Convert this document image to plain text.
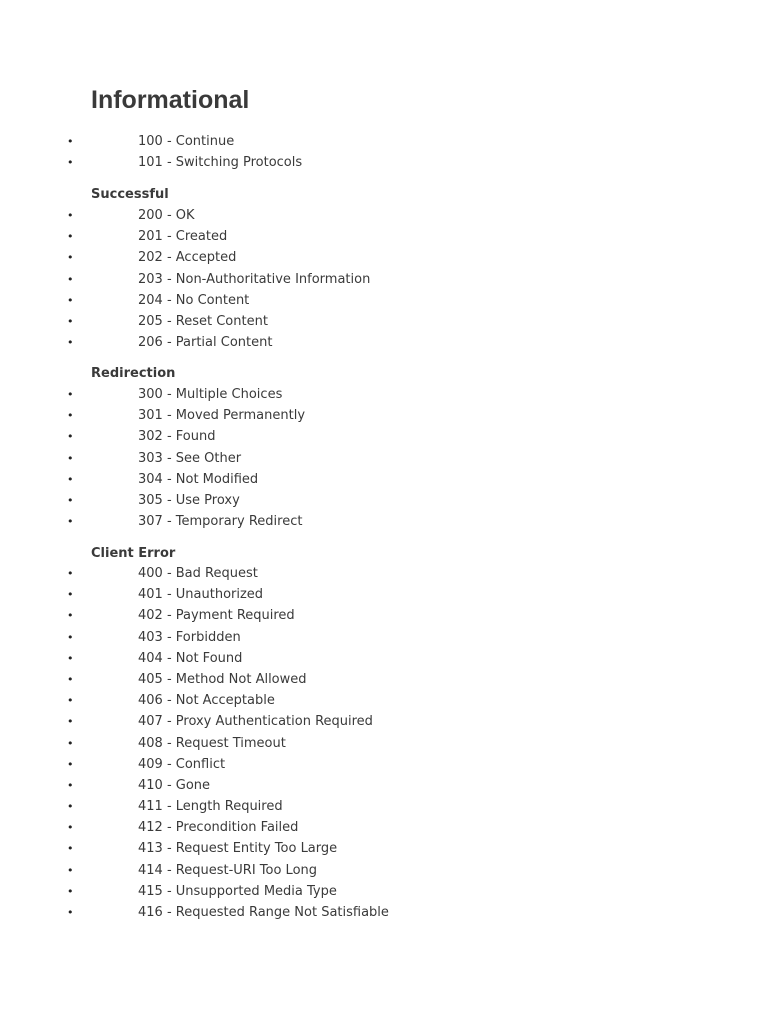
Informational
•	100 - Continue
•	101 - Switching Protocols
Successful
•	200 - OK
•	201 - Created
•	202 - Accepted
•	203 - Non-Authoritative Information
•	204 - No Content
•	205 - Reset Content
•	206 - Partial Content
Redirection
•	300 - Multiple Choices
•	301 - Moved Permanently
•	302 - Found
•	303 - See Other
•	304 - Not Modified
•	305 - Use Proxy
•	307 - Temporary Redirect
Client Error
•	400 - Bad Request
•	401 - Unauthorized
•	402 - Payment Required
•	403 - Forbidden
•	404 - Not Found
•	405 - Method Not Allowed
•	406 - Not Acceptable
•	407 - Proxy Authentication Required
•	408 - Request Timeout
•	409 - Conflict
•	410 - Gone
•	411 - Length Required
•	412 - Precondition Failed
•	413 - Request Entity Too Large
•	414 - Request-URI Too Long
•	415 - Unsupported Media Type
•	416 - Requested Range Not Satisfiable
